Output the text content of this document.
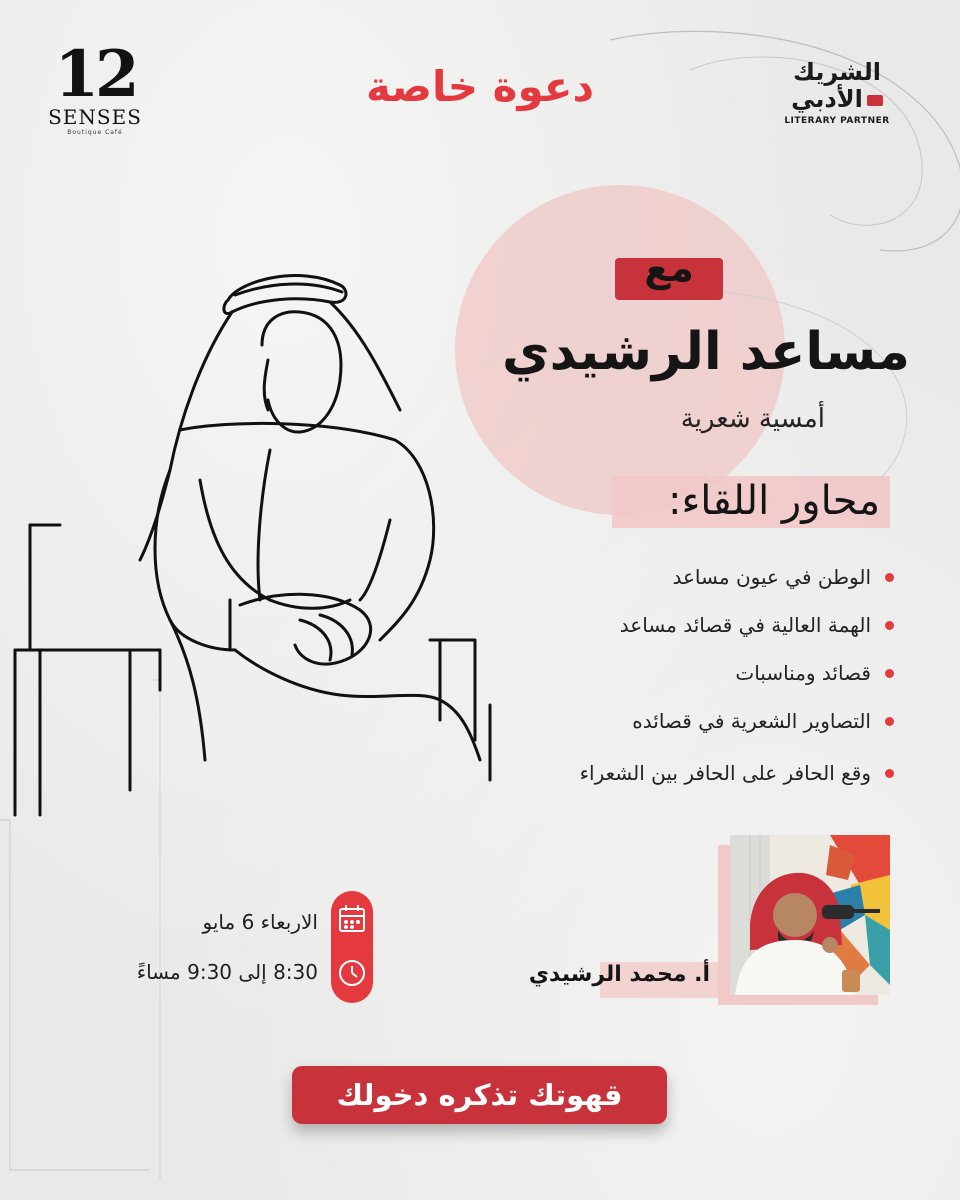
12
SENSES
Boutique Café
الشريك
الأدبي
LITERARY PARTNER
دعوة خاصة
مع
مساعد الرشيدي
أمسية شعرية
محاور اللقاء:
الوطن في عيون مساعد
الهمة العالية في قصائد مساعد
قصائد ومناسبات
التصاوير الشعرية في قصائده
وقع الحافر على الحافر بين الشعراء
أ. محمد الرشيدي
الاربعاء 6 مايو
8:30 إلى 9:30 مساءً
قهوتك تذكره دخولك
